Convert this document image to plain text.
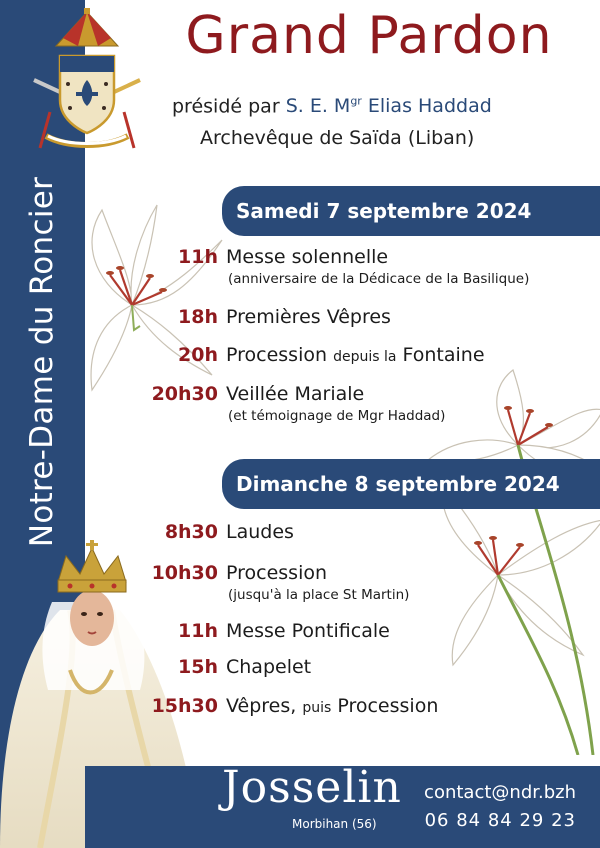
Notre-Dame du Roncier
Grand Pardon
présidé par S. E. $M^{gr}$ Elias Haddad
Archevêque de Saïda (Liban)
Samedi 7 septembre 2024
11h Messe solennelle
(anniversaire de la Dédicace de la Basilique)
18h Premières Vêpres
20h Procession depuis la Fontaine
20h30 Veillée Mariale
(et témoignage de Mgr Haddad)
Dimanche 8 septembre 2024
8h30 Laudes
10h30 Procession
(jusqu'à la place St Martin)
11h Messe Pontificale
15h Chapelet
15h30 Vêpres, puis Procession
Josselin
Morbihan (56)
contact@ndr.bzh
06 84 84 29 23
